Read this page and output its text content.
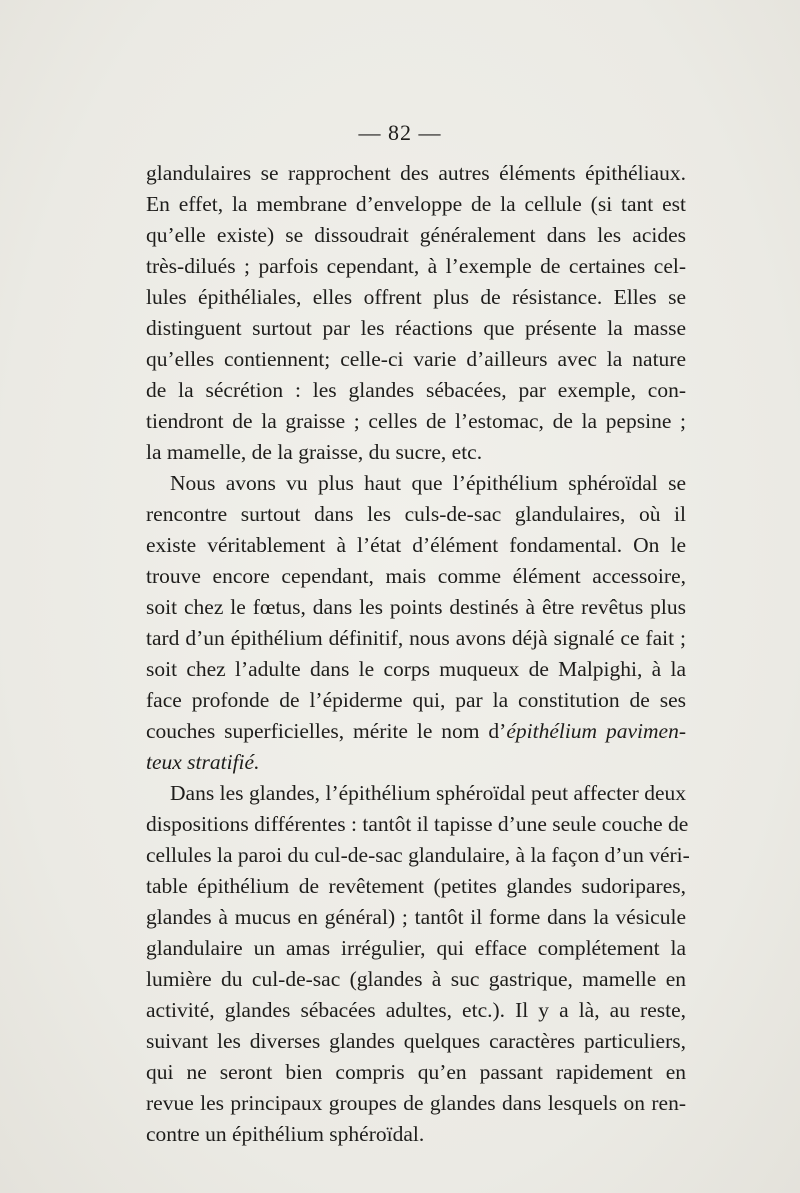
— 82 —

glandulaires se rapprochent des autres éléments épithéliaux.
En effet, la membrane d’enveloppe de la cellule (si tant est
qu’elle existe) se dissoudrait généralement dans les acides
très-dilués ; parfois cependant, à l’exemple de certaines cel-
lules épithéliales, elles offrent plus de résistance. Elles se
distinguent surtout par les réactions que présente la masse
qu’elles contiennent; celle-ci varie d’ailleurs avec la nature
de la sécrétion : les glandes sébacées, par exemple, con-
tiendront de la graisse ; celles de l’estomac, de la pepsine ;
la mamelle, de la graisse, du sucre, etc.
Nous avons vu plus haut que l’épithélium sphéroïdal se
rencontre surtout dans les culs-de-sac glandulaires, où il
existe véritablement à l’état d’élément fondamental. On le
trouve encore cependant, mais comme élément accessoire,
soit chez le fœtus, dans les points destinés à être revêtus plus
tard d’un épithélium définitif, nous avons déjà signalé ce fait ;
soit chez l’adulte dans le corps muqueux de Malpighi, à la
face profonde de l’épiderme qui, par la constitution de ses
couches superficielles, mérite le nom d’épithélium pavimen-
teux stratifié.
Dans les glandes, l’épithélium sphéroïdal peut affecter deux
dispositions différentes : tantôt il tapisse d’une seule couche de
cellules la paroi du cul-de-sac glandulaire, à la façon d’un véri-
table épithélium de revêtement (petites glandes sudoripares,
glandes à mucus en général) ; tantôt il forme dans la vésicule
glandulaire un amas irrégulier, qui efface complétement la
lumière du cul-de-sac (glandes à suc gastrique, mamelle en
activité, glandes sébacées adultes, etc.). Il y a là, au reste,
suivant les diverses glandes quelques caractères particuliers,
qui ne seront bien compris qu’en passant rapidement en
revue les principaux groupes de glandes dans lesquels on ren-
contre un épithélium sphéroïdal.
